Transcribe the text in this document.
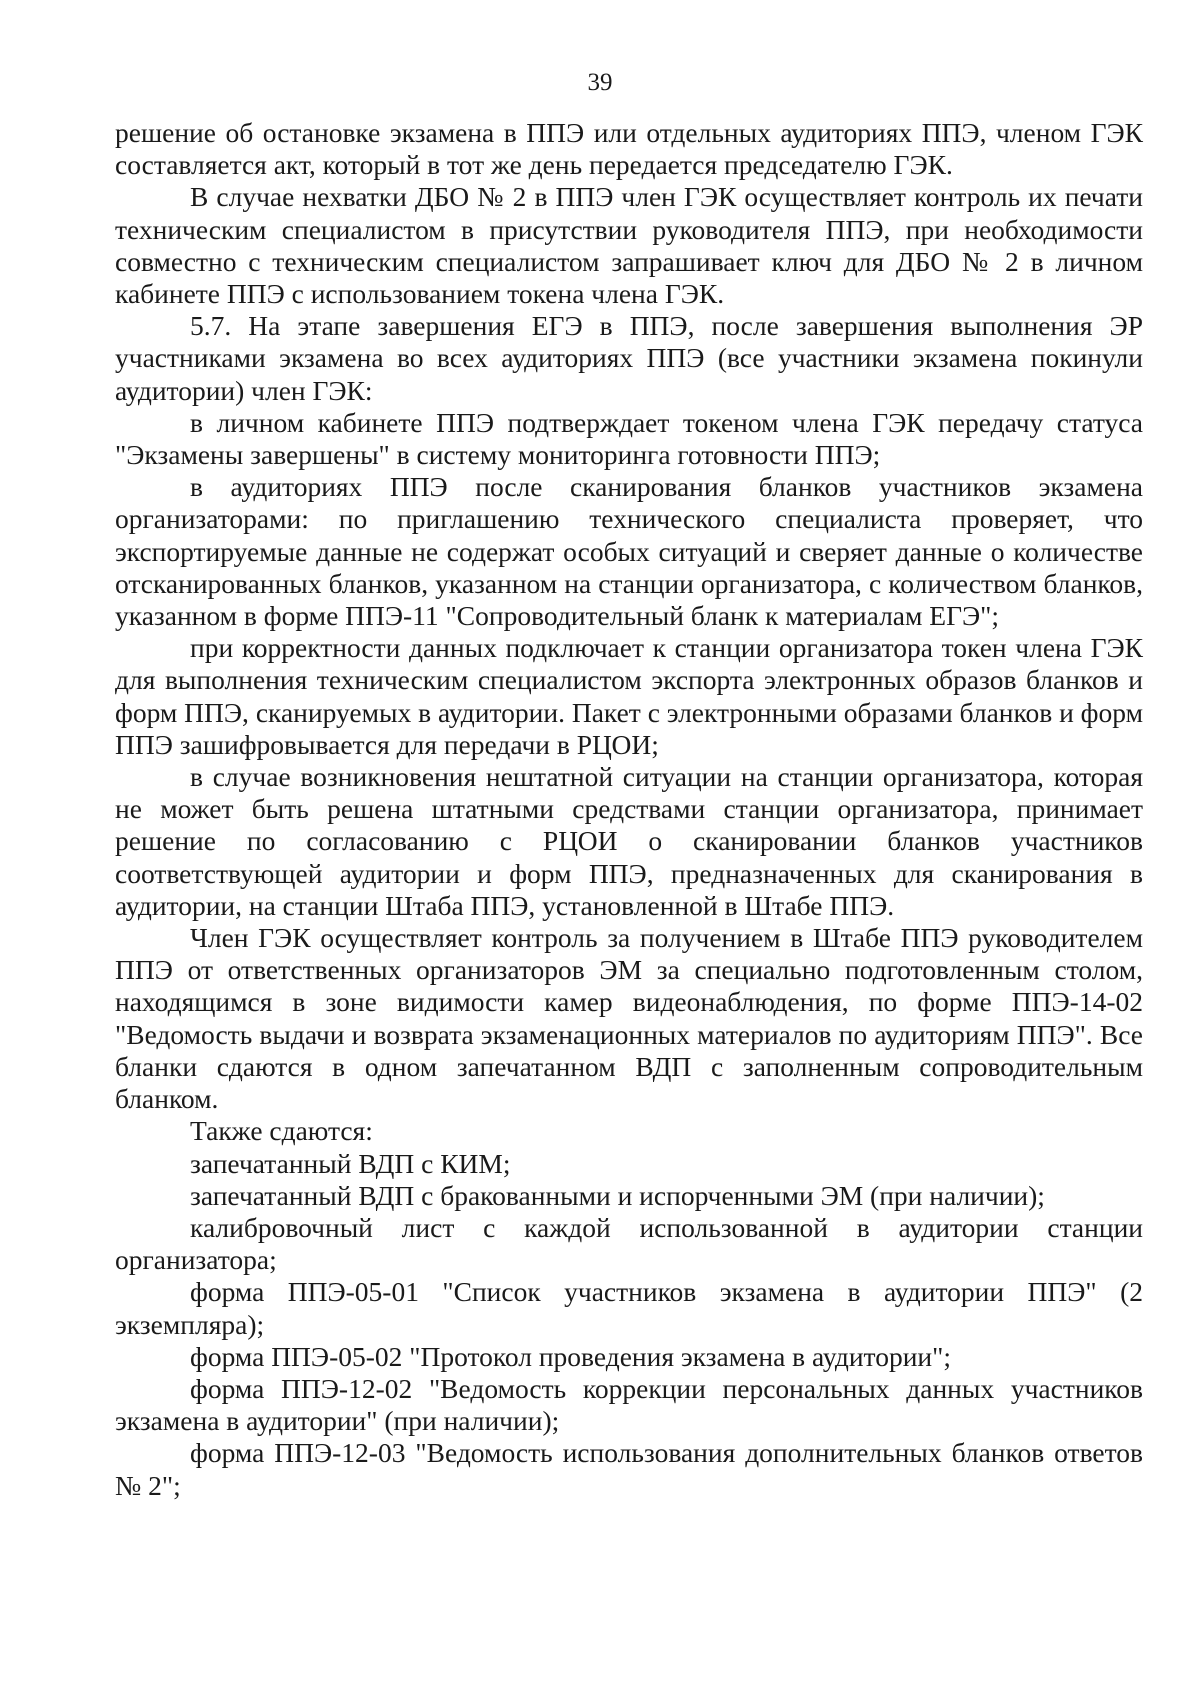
39

решение об остановке экзамена в ППЭ или отдельных аудиториях ППЭ, членом ГЭК составляется акт, который в тот же день передается председателю ГЭК.

В случае нехватки ДБО № 2 в ППЭ член ГЭК осуществляет контроль их печати техническим специалистом в присутствии руководителя ППЭ, при необходимости совместно с техническим специалистом запрашивает ключ для ДБО № 2 в личном кабинете ППЭ с использованием токена члена ГЭК.

5.7. На этапе завершения ЕГЭ в ППЭ, после завершения выполнения ЭР участниками экзамена во всех аудиториях ППЭ (все участники экзамена покинули аудитории) член ГЭК:

в личном кабинете ППЭ подтверждает токеном члена ГЭК передачу статуса "Экзамены завершены" в систему мониторинга готовности ППЭ;

в аудиториях ППЭ после сканирования бланков участников экзамена организаторами: по приглашению технического специалиста проверяет, что экспортируемые данные не содержат особых ситуаций и сверяет данные о количестве отсканированных бланков, указанном на станции организатора, с количеством бланков, указанном в форме ППЭ-11 "Сопроводительный бланк к материалам ЕГЭ";

при корректности данных подключает к станции организатора токен члена ГЭК для выполнения техническим специалистом экспорта электронных образов бланков и форм ППЭ, сканируемых в аудитории. Пакет с электронными образами бланков и форм ППЭ зашифровывается для передачи в РЦОИ;

в случае возникновения нештатной ситуации на станции организатора, которая не может быть решена штатными средствами станции организатора, принимает решение по согласованию с РЦОИ о сканировании бланков участников соответствующей аудитории и форм ППЭ, предназначенных для сканирования в аудитории, на станции Штаба ППЭ, установленной в Штабе ППЭ.

Член ГЭК осуществляет контроль за получением в Штабе ППЭ руководителем ППЭ от ответственных организаторов ЭМ за специально подготовленным столом, находящимся в зоне видимости камер видеонаблюдения, по форме ППЭ-14-02 "Ведомость выдачи и возврата экзаменационных материалов по аудиториям ППЭ". Все бланки сдаются в одном запечатанном ВДП с заполненным сопроводительным бланком.

Также сдаются:

запечатанный ВДП с КИМ;

запечатанный ВДП с бракованными и испорченными ЭМ (при наличии);

калибровочный лист с каждой использованной в аудитории станции организатора;

форма ППЭ-05-01 "Список участников экзамена в аудитории ППЭ" (2 экземпляра);

форма ППЭ-05-02 "Протокол проведения экзамена в аудитории";

форма ППЭ-12-02 "Ведомость коррекции персональных данных участников экзамена в аудитории" (при наличии);

форма ППЭ-12-03 "Ведомость использования дополнительных бланков ответов № 2";
